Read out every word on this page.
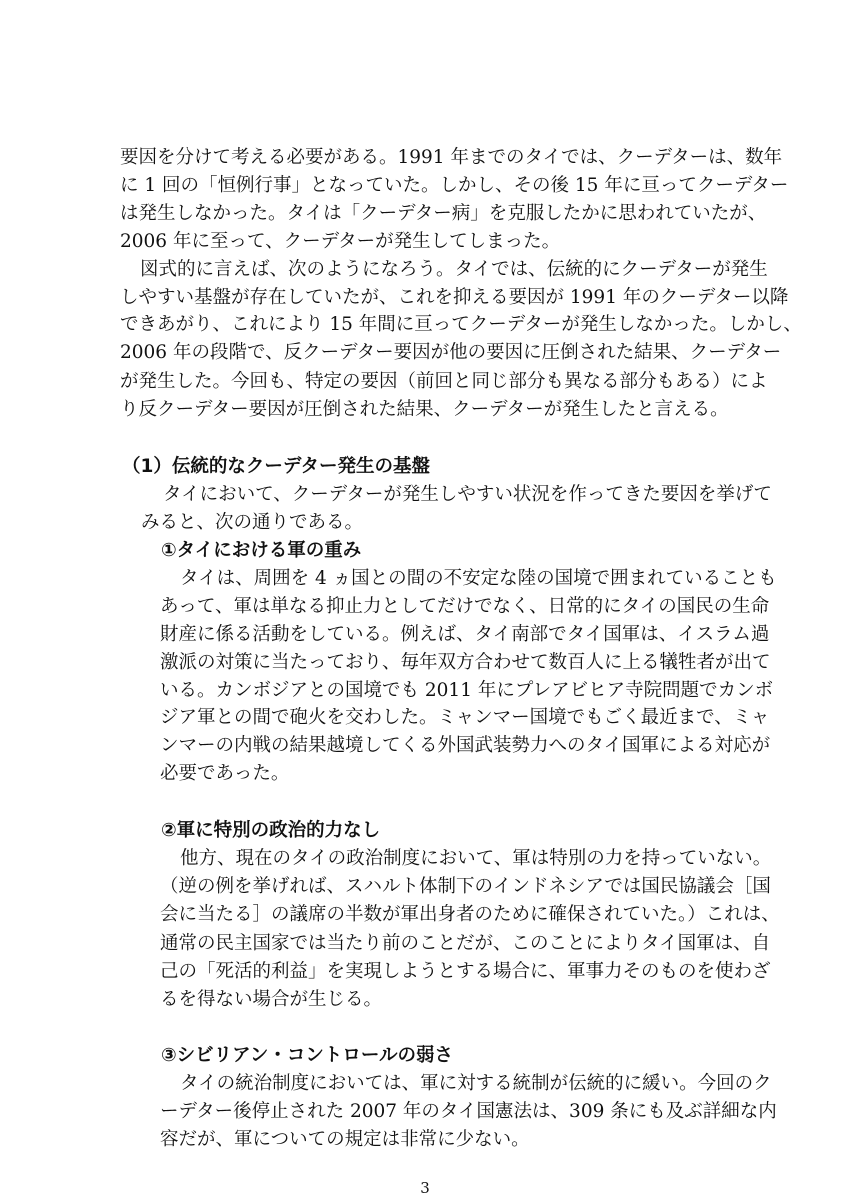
要因を分けて考える必要がある。1991 年までのタイでは、クーデターは、数年
に 1 回の「恒例行事」となっていた。しかし、その後 15 年に亘ってクーデター
は発生しなかった。タイは「クーデター病」を克服したかに思われていたが、
2006 年に至って、クーデターが発生してしまった。
図式的に言えば、次のようになろう。タイでは、伝統的にクーデターが発生
しやすい基盤が存在していたが、これを抑える要因が 1991 年のクーデター以降
できあがり、これにより 15 年間に亘ってクーデターが発生しなかった。しかし、
2006 年の段階で、反クーデター要因が他の要因に圧倒された結果、クーデター
が発生した。今回も、特定の要因（前回と同じ部分も異なる部分もある）によ
り反クーデター要因が圧倒された結果、クーデターが発生したと言える。
（1）伝統的なクーデター発生の基盤
タイにおいて、クーデターが発生しやすい状況を作ってきた要因を挙げて
みると、次の通りである。
①タイにおける軍の重み
タイは、周囲を 4 ヵ国との間の不安定な陸の国境で囲まれていることも
あって、軍は単なる抑止力としてだけでなく、日常的にタイの国民の生命
財産に係る活動をしている。例えば、タイ南部でタイ国軍は、イスラム過
激派の対策に当たっており、毎年双方合わせて数百人に上る犠牲者が出て
いる。カンボジアとの国境でも 2011 年にプレアビヒア寺院問題でカンボ
ジア軍との間で砲火を交わした。ミャンマー国境でもごく最近まで、ミャ
ンマーの内戦の結果越境してくる外国武装勢力へのタイ国軍による対応が
必要であった。
②軍に特別の政治的力なし
他方、現在のタイの政治制度において、軍は特別の力を持っていない。
（逆の例を挙げれば、スハルト体制下のインドネシアでは国民協議会［国
会に当たる］の議席の半数が軍出身者のために確保されていた。）これは、
通常の民主国家では当たり前のことだが、このことによりタイ国軍は、自
己の「死活的利益」を実現しようとする場合に、軍事力そのものを使わざ
るを得ない場合が生じる。
③シビリアン・コントロールの弱さ
タイの統治制度においては、軍に対する統制が伝統的に緩い。今回のク
ーデター後停止された 2007 年のタイ国憲法は、309 条にも及ぶ詳細な内
容だが、軍についての規定は非常に少ない。
3
